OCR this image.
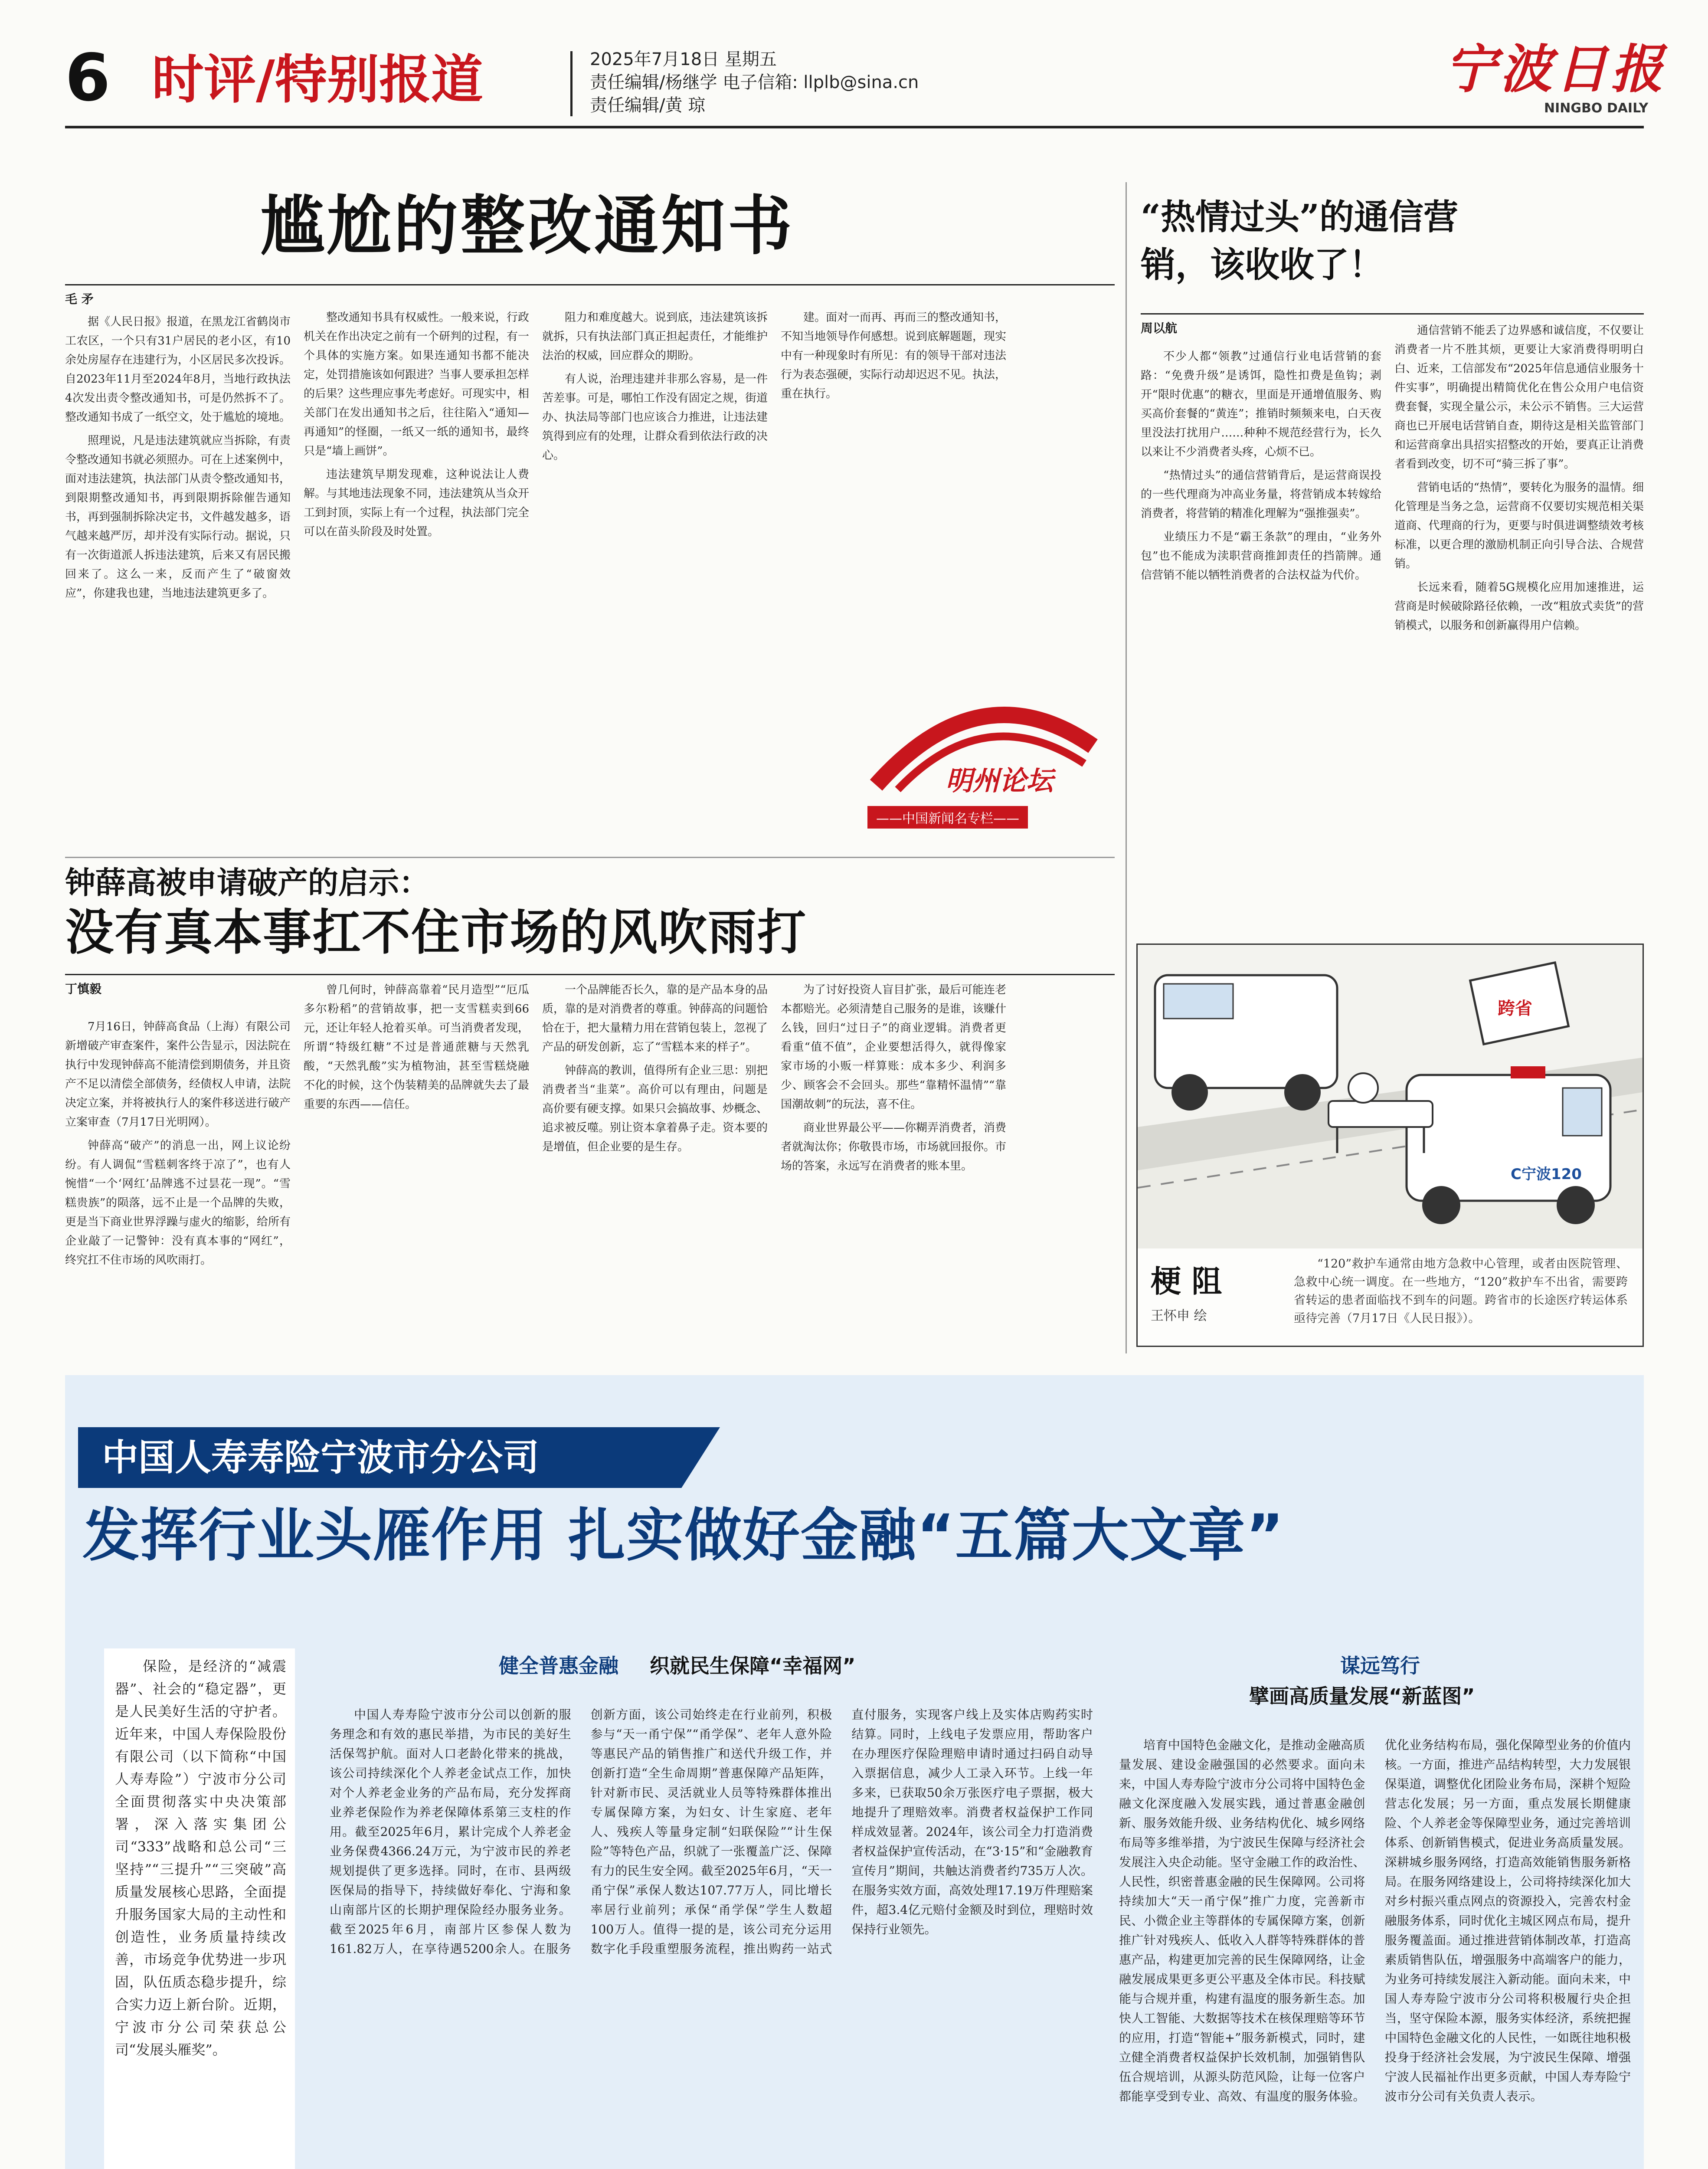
6 时评/特别报道	2025年7月18日 星期五
责任编辑/杨继学 电子信箱: llplb@sina.cn
责任编辑/黄 琼
宁波日报
NINGBO DAILY
尴尬的整改通知书
毛 矛

据《人民日报》报道，在黑龙江省鹤岗市工农区，一个只有31户居民的老小区，有10余处房屋存在违建行为，小区居民多次投诉。自2023年11月至2024年8月，当地行政执法4次发出责令整改通知书，可是仍然拆不了。整改通知书成了一纸空文，处于尴尬的境地。

照理说，凡是违法建筑就应当拆除，有责令整改通知书就必须照办。可在上述案例中，面对违法建筑，执法部门从责令整改通知书，到限期整改通知书，再到限期拆除催告通知书，再到强制拆除决定书，文件越发越多，语气越来越严厉，却并没有实际行动。据说，只有一次街道派人拆违法建筑，后来又有居民搬回来了。这么一来，反而产生了“破窗效应”，你建我也建，当地违法建筑更多了。

整改通知书具有权威性。一般来说，行政机关在作出决定之前有一个研判的过程，有一个具体的实施方案。如果连通知书都不能决定，处罚措施该如何跟进？当事人要承担怎样的后果？这些理应事先考虑好。可现实中，相关部门在发出通知书之后，往往陷入“通知—再通知”的怪圈，一纸又一纸的通知书，最终只是“墙上画饼”。

违法建筑早期发现难，这种说法让人费解。与其地违法现象不同，违法建筑从当众开工到封顶，实际上有一个过程，执法部门完全可以在苗头阶段及时处置。

阻力和难度越大。说到底，违法建筑该拆就拆，只有执法部门真正担起责任，才能维护法治的权威，回应群众的期盼。

有人说，治理违建并非那么容易，是一件苦差事。可是，哪怕工作没有固定之规，街道办、执法局等部门也应该合力推进，让违法建筑得到应有的处理，让群众看到依法行政的决心。

建。面对一而再、再而三的整改通知书，不知当地领导作何感想。说到底解题题，现实中有一种现象时有所见：有的领导干部对违法行为表态强硬，实际行动却迟迟不见。执法，重在执行。

明州论坛
——中国新闻名专栏——
“热情过头”的通信营销，该收收了！
周以航

不少人都“领教”过通信行业电话营销的套路：“免费升级”是诱饵，隐性扣费是鱼钩；剥开“限时优惠”的糖衣，里面是开通增值服务、购买高价套餐的“黄连”；推销时频频来电，白天夜里没法打扰用户……种种不规范经营行为，长久以来让不少消费者头疼，心烦不已。

“热情过头”的通信营销背后，是运营商误投的一些代理商为冲高业务量，将营销成本转嫁给消费者，将营销的精准化理解为“强推强卖”。

业绩压力不是“霸王条款”的理由，“业务外包”也不能成为渎职营商推卸责任的挡箭牌。通信营销不能以牺牲消费者的合法权益为代价。

通信营销不能丢了边界感和诚信度，不仅要让消费者一片不胜其烦，更要让大家消费得明明白白、近来，工信部发布“2025年信息通信业服务十件实事”，明确提出精简优化在售公众用户电信资费套餐，实现全量公示，未公示不销售。三大运营商也已开展电话营销自查，期待这是相关监管部门和运营商拿出具招实招整改的开始，要真正让消费者看到改变，切不可“骑三拆了事”。

营销电话的“热情”，要转化为服务的温情。细化管理是当务之急，运营商不仅要切实规范相关渠道商、代理商的行为，更要与时俱进调整绩效考核标准，以更合理的激励机制正向引导合法、合规营销。

长远来看，随着5G规模化应用加速推进，运营商是时候破除路径依赖，一改“粗放式卖货”的营销模式，以服务和创新赢得用户信赖。

钟薛高被申请破产的启示：
没有真本事扛不住市场的风吹雨打
丁慎毅

7月16日，钟薛高食品（上海）有限公司新增破产审查案件，案件公告显示，因法院在执行中发现钟薛高不能清偿到期债务，并且资产不足以清偿全部债务，经债权人申请，法院决定立案，并将被执行人的案件移送进行破产立案审查（7月17日光明网）。

钟薛高“破产”的消息一出，网上议论纷纷。有人调侃“雪糕刺客终于凉了”，也有人惋惜“一个‘网红’品牌逃不过昙花一现”。“雪糕贵族”的陨落，远不止是一个品牌的失败，更是当下商业世界浮躁与虚火的缩影，给所有企业敲了一记警钟：没有真本事的“网红”，终究扛不住市场的风吹雨打。

曾几何时，钟薛高靠着“民月造型”“厄瓜多尔粉稻”的营销故事，把一支雪糕卖到66元，还让年轻人抢着买单。可当消费者发现，所谓“特级红糖”不过是普通蔗糖与天然乳酸，“天然乳酸”实为植物油，甚至雪糕烧融不化的时候，这个伪装精美的品牌就失去了最重要的东西——信任。

一个品牌能否长久，靠的是产品本身的品质，靠的是对消费者的尊重。钟薛高的问题恰恰在于，把大量精力用在营销包装上，忽视了产品的研发创新，忘了“雪糕本来的样子”。

钟薛高的教训，值得所有企业三思：别把消费者当“韭菜”。高价可以有理由，问题是高价要有硬支撑。如果只会搞故事、炒概念、追求被反噬。别让资本拿着鼻子走。资本要的是增值，但企业要的是生存。

为了讨好投资人盲目扩张，最后可能连老本都赔光。必须清楚自己服务的是谁，该赚什么钱，回归“过日子”的商业逻辑。消费者更看重“值不值”，企业要想活得久，就得像家家市场的小贩一样算账：成本多少、利润多少、顾客会不会回头。那些“靠精怀温情”“靠国潮故刺”的玩法，喜不住。

商业世界最公平——你糊弄消费者，消费者就淘汰你；你敬畏市场，市场就回报你。市场的答案，永远写在消费者的账本里。	C宁波120
跨省
梗 阻
王怀申 绘
“120”救护车通常由地方急救中心管理，或者由医院管理、急救中心统一调度。在一些地方，“120”救护车不出省，需要跨省转运的患者面临找不到车的问题。跨省市的长途医疗转运体系亟待完善（7月17日《人民日报》）。
中国人寿寿险宁波市分公司
发挥行业头雁作用 扎实做好金融“五篇大文章”

保险，是经济的“减震器”、社会的“稳定器”，更是人民美好生活的守护者。近年来，中国人寿保险股份有限公司（以下简称“中国人寿寿险”）宁波市分公司全面贯彻落实中央决策部署，深入落实集团公司“333”战略和总公司“三坚持”“三提升”“三突破”高质量发展核心思路，全面提升服务国家大局的主动性和创造性，业务质量持续改善，市场竞争优势进一步巩固，队伍质态稳步提升，综合实力迈上新台阶。近期，宁波市分公司荣获总公司“发展头雁奖”。

健全普惠金融 织就民生保障“幸福网”

中国人寿寿险宁波市分公司以创新的服务理念和有效的惠民举措，为市民的美好生活保驾护航。面对人口老龄化带来的挑战，该公司持续深化个人养老金试点工作，加快对个人养老金业务的产品布局，充分发挥商业养老保险作为养老保障体系第三支柱的作用。截至2025年6月，累计完成个人养老金业务保费4366.24万元，为宁波市民的养老规划提供了更多选择。同时，在市、县两级医保局的指导下，持续做好奉化、宁海和象山南部片区的长期护理保险经办服务业务。截至2025年6月，南部片区参保人数为161.82万人，在享待遇5200余人。在服务创新方面，该公司始终走在行业前列，积极参与“天一甬宁保”“甬学保”、老年人意外险等惠民产品的销售推广和送代升级工作，并创新打造“全生命周期”普惠保障产品矩阵，针对新市民、灵活就业人员等特殊群体推出专属保障方案，为妇女、计生家庭、老年人、残疾人等量身定制“妇联保险”“计生保险”等特色产品，织就了一张覆盖广泛、保障有力的民生安全网。截至2025年6月，“天一甬宁保”承保人数达107.77万人，同比增长率居行业前列；承保“甬学保”学生人数超100万人。值得一提的是，该公司充分运用数字化手段重塑服务流程，推出购药一站式直付服务，实现客户线上及实体店购药实时结算。同时，上线电子发票应用，帮助客户在办理医疗保险理赔申请时通过扫码自动导入票据信息，减少人工录入环节。上线一年多来，已获取50余万张医疗电子票据，极大地提升了理赔效率。消费者权益保护工作同样成效显著。2024年，该公司全力打造消费者权益保护宣传活动，在“3·15”和“金融教育宣传月”期间，共触达消费者约735万人次。在服务实效方面，高效处理17.19万件理赔案件，超3.4亿元赔付金额及时到位，理赔时效保持行业领先。

谋远笃行
擘画高质量发展“新蓝图”

培育中国特色金融文化，是推动金融高质量发展、建设金融强国的必然要求。面向未来，中国人寿寿险宁波市分公司将中国特色金融文化深度融入发展实践，通过普惠金融创新、服务效能升级、业务结构优化、城乡网络布局等多维举措，为宁波民生保障与经济社会发展注入央企动能。坚守金融工作的政治性、人民性，织密普惠金融的民生保障网。公司将持续加大“天一甬宁保”推广力度，完善新市民、小微企业主等群体的专属保障方案，创新推广针对残疾人、低收入人群等特殊群体的普惠产品，构建更加完善的民生保障网络，让金融发展成果更多更公平惠及全体市民。科技赋能与合规并重，构建有温度的服务新生态。加快人工智能、大数据等技术在核保理赔等环节的应用，打造“智能+”服务新模式，同时，建立健全消费者权益保护长效机制，加强销售队伍合规培训，从源头防范风险，让每一位客户都能享受到专业、高效、有温度的服务体验。优化业务结构布局，强化保障型业务的价值内核。一方面，推进产品结构转型，大力发展银保渠道，调整优化团险业务布局，深耕个短险营志化发展；另一方面，重点发展长期健康险、个人养老金等保障型业务，通过完善培训体系、创新销售模式，促进业务高质量发展。深耕城乡服务网络，打造高效能销售服务新格局。在服务网络建设上，公司将持续深化加大对乡村振兴重点网点的资源投入，完善农村金融服务体系，同时优化主城区网点布局，提升服务覆盖面。通过推进营销体制改革，打造高素质销售队伍，增强服务中高端客户的能力，为业务可持续发展注入新动能。面向未来，中国人寿寿险宁波市分公司将积极履行央企担当，坚守保险本源，服务实体经济，系统把握中国特色金融文化的人民性，一如既往地积极投身于经济社会发展，为宁波民生保障、增强宁波人民福祉作出更多贡献，中国人寿寿险宁波市分公司有关负责人表示。
